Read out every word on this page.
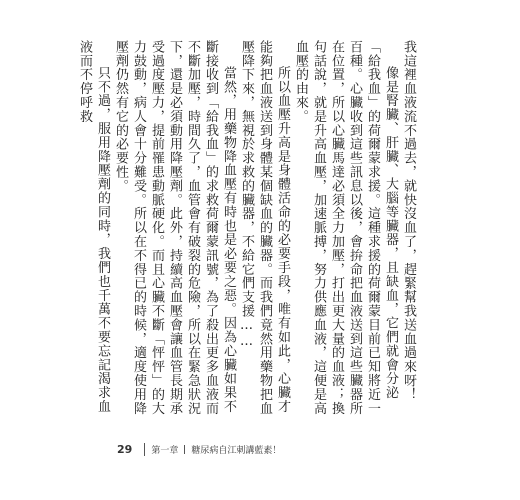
我這裡血液流不過去，就快沒血了，趕緊幫我送血過來呀！

像是腎臟、肝臟、大腦等臟器，且缺血，它們就會分泌「給我血」的荷爾蒙求援。這種求援的荷爾蒙目前已知將近一百種。心臟收到這些訊息以後，會拚命把血液送到這些臟器所在位置，所以心臟馬達必須全力加壓，打出更大量的血液；換句話說，就是升高血壓，加速脈搏，努力供應血液，這便是高血壓的由來。

所以血壓升高是身體活命的必要手段，唯有如此，心臟才能夠把血液送到身體某個缺血的臟器。而我們竟然用藥物把血壓降下來，無視於求救的臟器，不給它們支援……

當然，用藥物降血壓有時也是必要之惡。因為心臟如果不斷接收到「給我血」的求救荷爾蒙訊號，為了殺出更多血液而不斷加壓，時間久了，血管會有破裂的危險，所以在緊急狀況下，還是必須動用降壓劑。此外，持續高血壓會讓血管長期承受過度壓力，提前罹患動脈硬化。而且心臟不斷「怦怦」的大力鼓動，病人會十分難受。所以在不得已的時候，適度使用降壓劑仍然有它的必要性。

只不過，服用降壓劑的同時，我們也千萬不要忘記渴求血液而不停呼救

29	第一章 糖尿病自江刺講藍素！
